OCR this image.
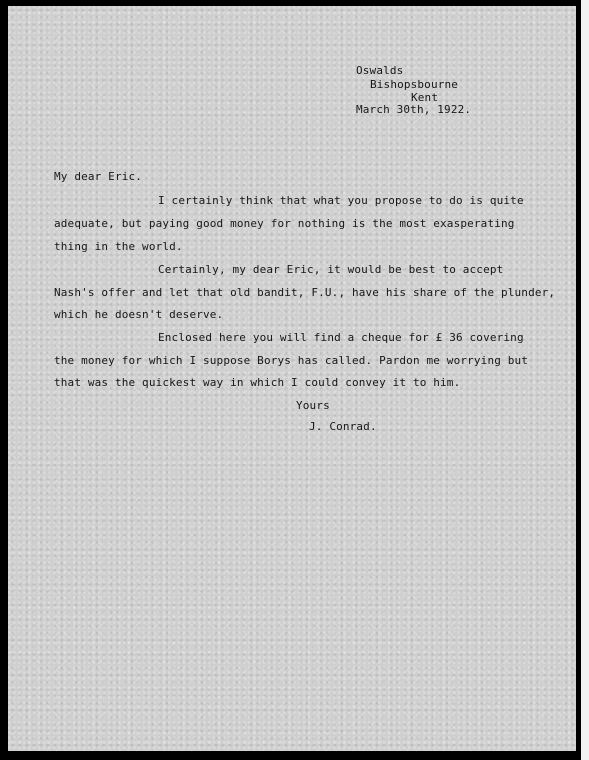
Oswalds
Bishopsbourne
Kent
March 30th, 1922.
My dear Eric.
I certainly think that what you propose to do is quite
adequate, but paying good money for nothing is the most exasperating
thing in the world.
Certainly, my dear Eric, it would be best to accept
Nash's offer and let that old bandit, F.U., have his share of the plunder,
which he doesn't deserve.
Enclosed here you will find a cheque for £ 36 covering
the money for which I suppose Borys has called. Pardon me worrying but
that was the quickest way in which I could convey it to him.
Yours
J. Conrad.
